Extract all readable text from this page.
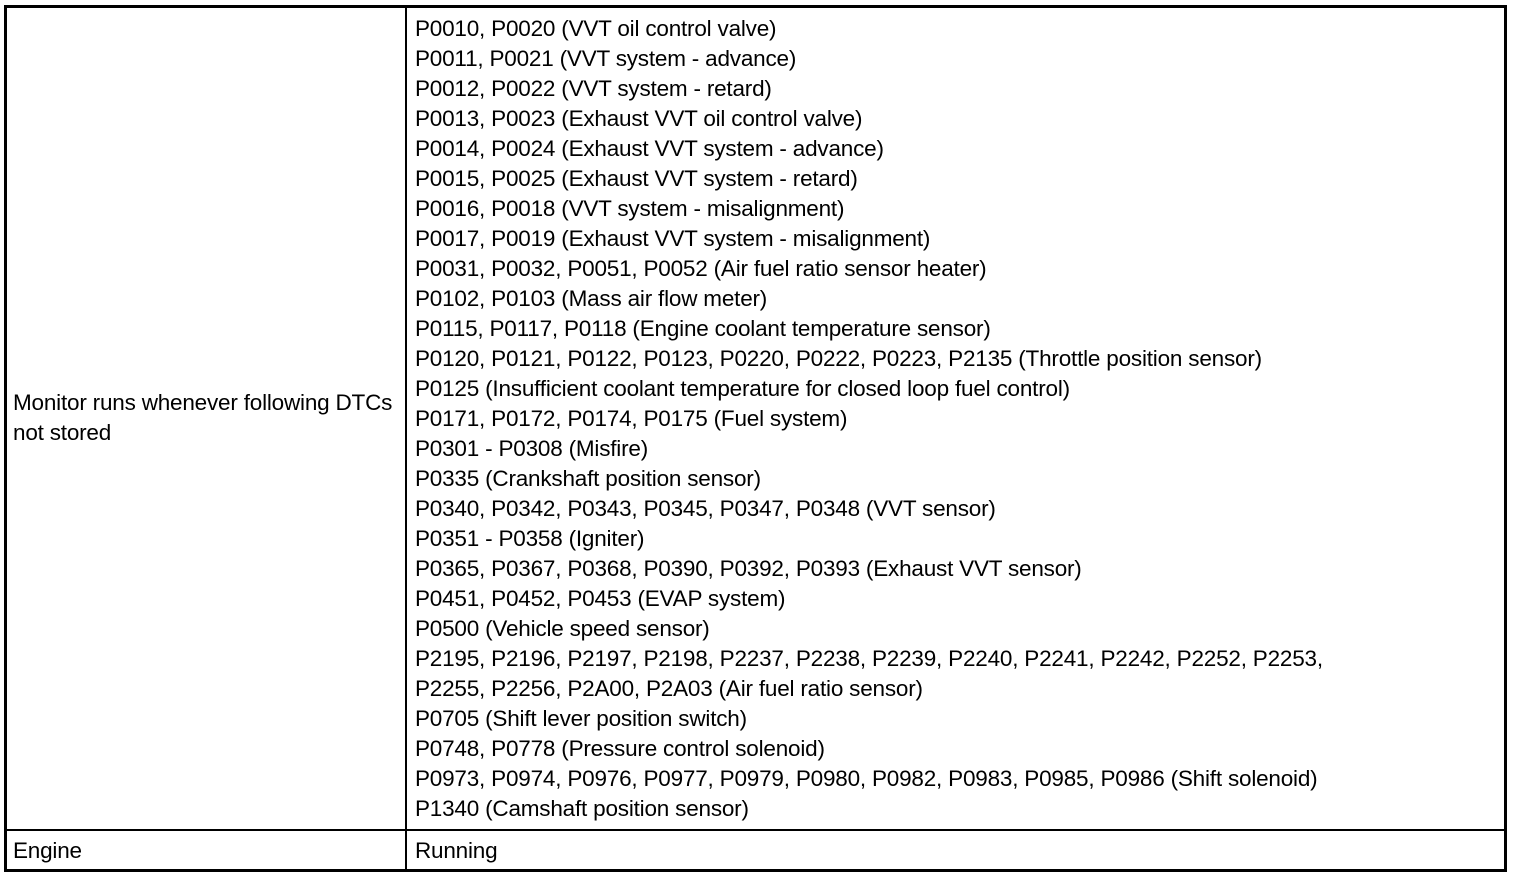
Monitor runs whenever following DTCs not stored
P0010, P0020 (VVT oil control valve)
P0011, P0021 (VVT system - advance)
P0012, P0022 (VVT system - retard)
P0013, P0023 (Exhaust VVT oil control valve)
P0014, P0024 (Exhaust VVT system - advance)
P0015, P0025 (Exhaust VVT system - retard)
P0016, P0018 (VVT system - misalignment)
P0017, P0019 (Exhaust VVT system - misalignment)
P0031, P0032, P0051, P0052 (Air fuel ratio sensor heater)
P0102, P0103 (Mass air flow meter)
P0115, P0117, P0118 (Engine coolant temperature sensor)
P0120, P0121, P0122, P0123, P0220, P0222, P0223, P2135 (Throttle position sensor)
P0125 (Insufficient coolant temperature for closed loop fuel control)
P0171, P0172, P0174, P0175 (Fuel system)
P0301 - P0308 (Misfire)
P0335 (Crankshaft position sensor)
P0340, P0342, P0343, P0345, P0347, P0348 (VVT sensor)
P0351 - P0358 (Igniter)
P0365, P0367, P0368, P0390, P0392, P0393 (Exhaust VVT sensor)
P0451, P0452, P0453 (EVAP system)
P0500 (Vehicle speed sensor)
P2195, P2196, P2197, P2198, P2237, P2238, P2239, P2240, P2241, P2242, P2252, P2253,
P2255, P2256, P2A00, P2A03 (Air fuel ratio sensor)
P0705 (Shift lever position switch)
P0748, P0778 (Pressure control solenoid)
P0973, P0974, P0976, P0977, P0979, P0980, P0982, P0983, P0985, P0986 (Shift solenoid)
P1340 (Camshaft position sensor)
Engine	Running
